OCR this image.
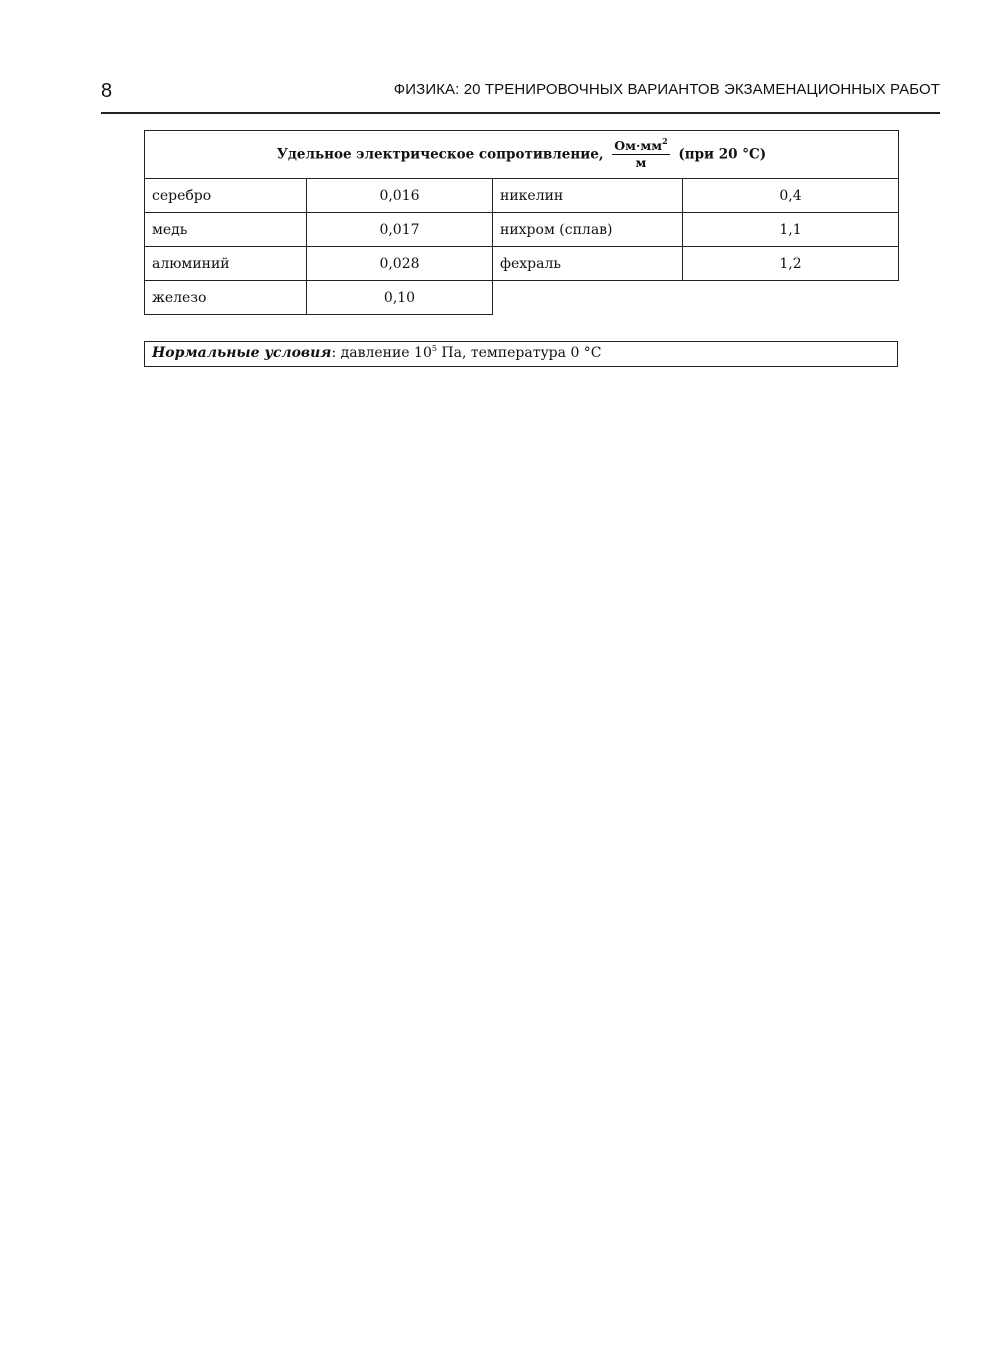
8	ФИЗИКА: 20 ТРЕНИРОВОЧНЫХ ВАРИАНТОВ ЭКЗАМЕНАЦИОННЫХ РАБОТ
Удельное электрическое сопротивление, $\frac{Ом\cdot мм^2}{м} (при$ 20 °С)			
серебро	0,016	никелин	0,4
медь	0,017	нихром (сплав)	1,1
алюминий	0,028	фехраль	1,2
железо	0,10		
Нормальные условия: давление $10^5$ Па, температура 0 °С
